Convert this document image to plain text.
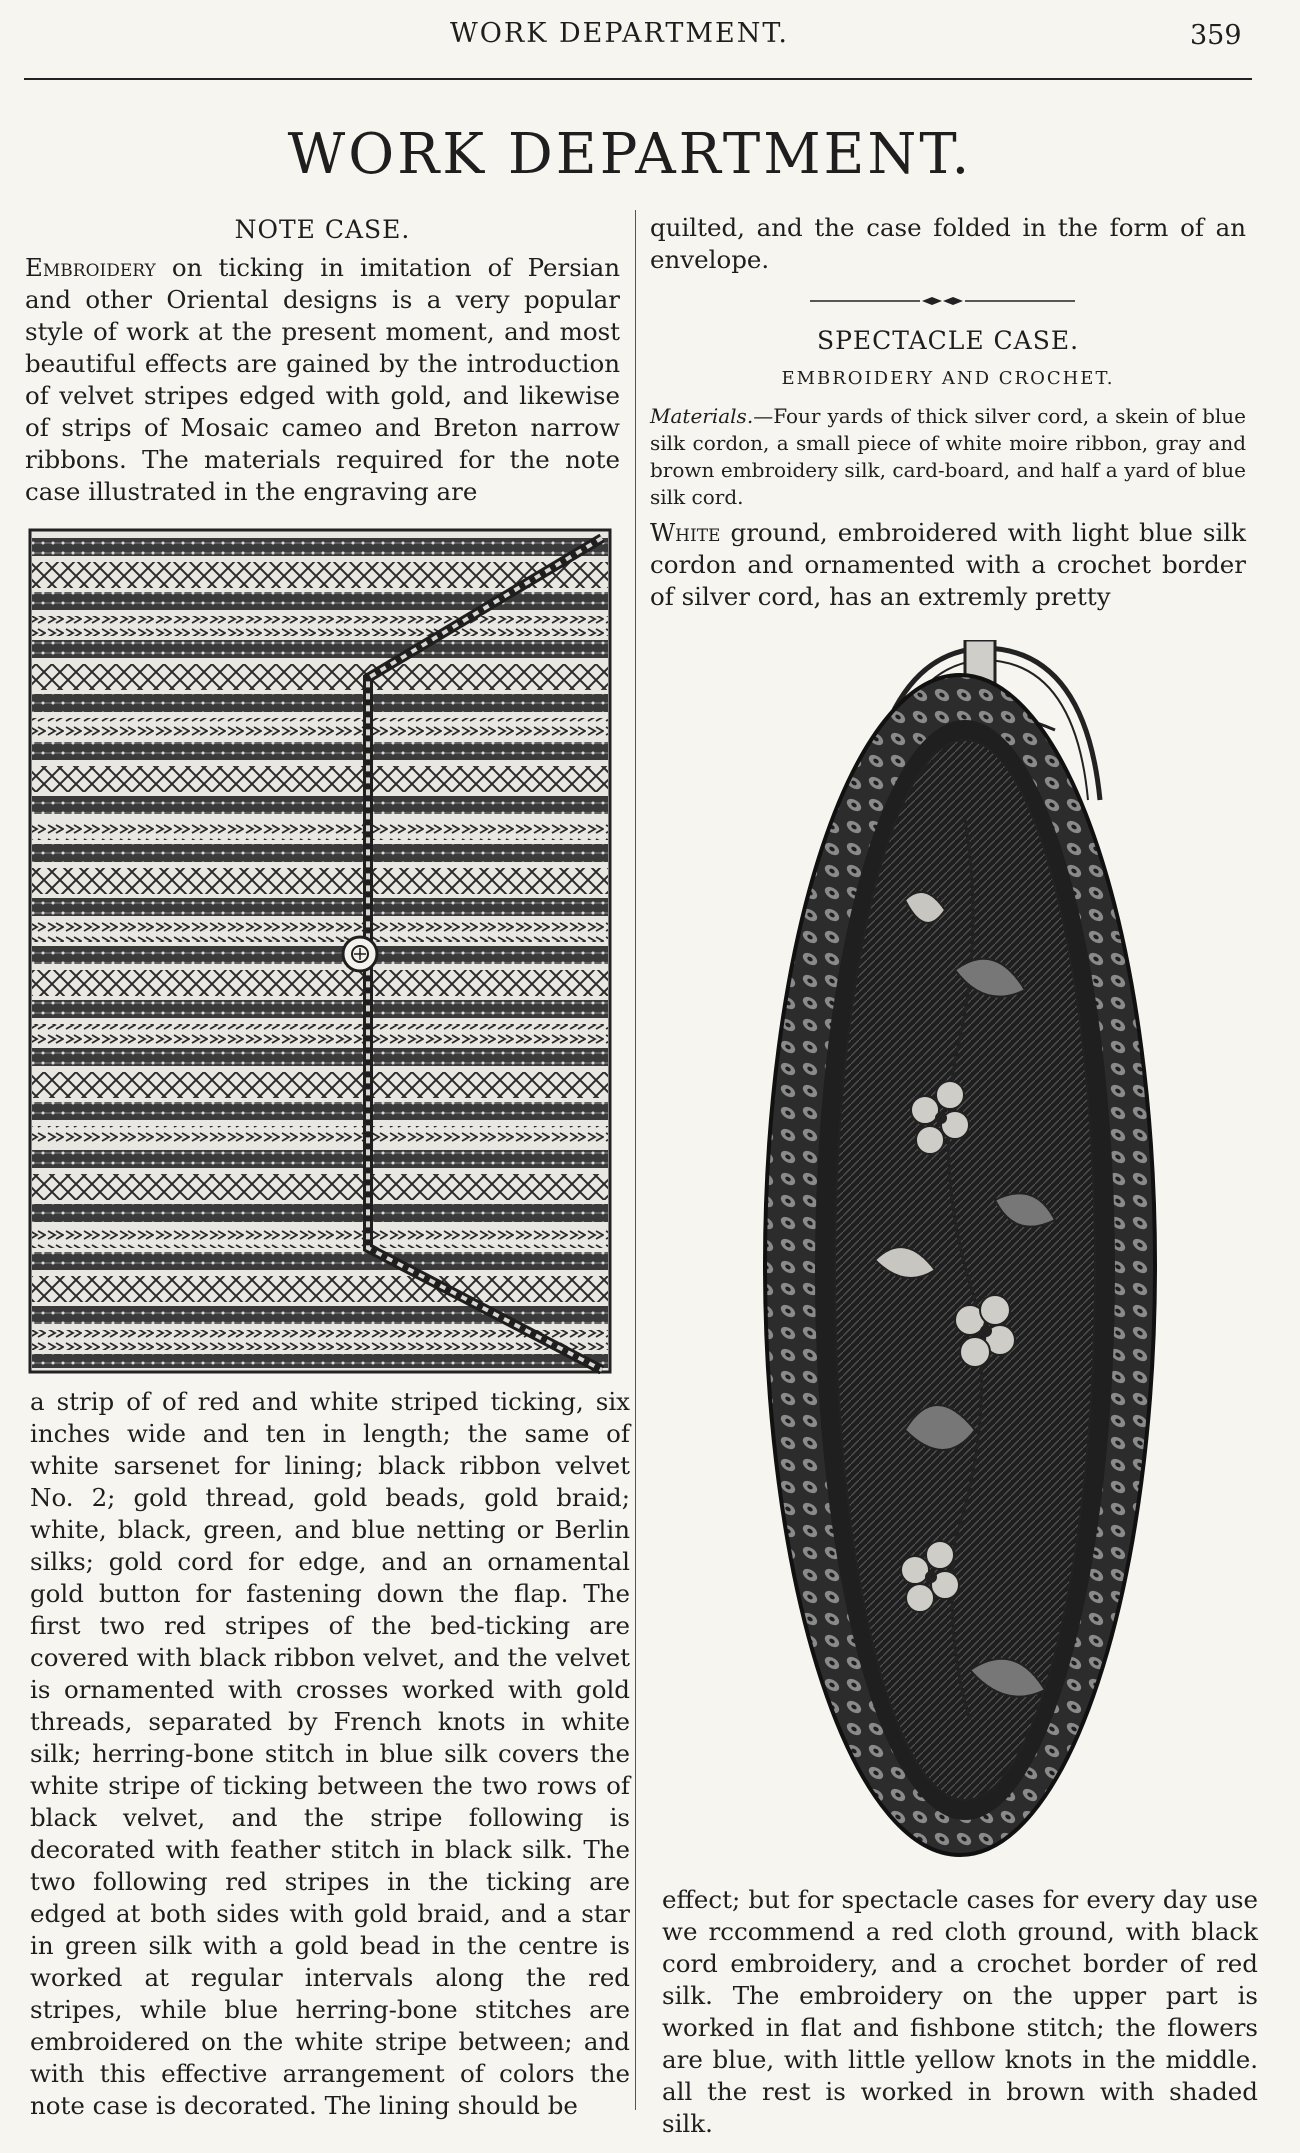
WORK DEPARTMENT.	359
WORK DEPARTMENT.
NOTE CASE.

Embroidery on ticking in imitation of Persian and other Oriental designs is a very popular style of work at the present moment, and most beautiful effects are gained by the introduction of velvet stripes edged with gold, and likewise of strips of Mosaic cameo and Breton narrow ribbons. The materials required for the note case illustrated in the engraving are

a strip of of red and white striped ticking, six inches wide and ten in length; the same of white sarsenet for lining; black ribbon velvet No. 2; gold thread, gold beads, gold braid; white, black, green, and blue netting or Berlin silks; gold cord for edge, and an ornamental gold button for fastening down the flap. The first two red stripes of the bed-ticking are covered with black ribbon velvet, and the velvet is ornamented with crosses worked with gold threads, separated by French knots in white silk; herring-bone stitch in blue silk covers the white stripe of ticking between the two rows of black velvet, and the stripe following is decorated with feather stitch in black silk. The two following red stripes in the ticking are edged at both sides with gold braid, and a star in green silk with a gold bead in the centre is worked at regular intervals along the red stripes, while blue herring-bone stitches are embroidered on the white stripe between; and with this effective arrangement of colors the note case is decorated. The lining should be

quilted, and the case folded in the form of an envelope.

SPECTACLE CASE.
EMBROIDERY AND CROCHET.

Materials.—Four yards of thick silver cord, a skein of blue silk cordon, a small piece of white moire ribbon, gray and brown embroidery silk, card-board, and half a yard of blue silk cord.

White ground, embroidered with light blue silk cordon and ornamented with a crochet border of silver cord, has an extremly pretty

effect; but for spectacle cases for every day use we rccommend a red cloth ground, with black cord embroidery, and a crochet border of red silk. The embroidery on the upper part is worked in flat and fishbone stitch; the flowers are blue, with little yellow knots in the middle. all the rest is worked in brown with shaded silk.
